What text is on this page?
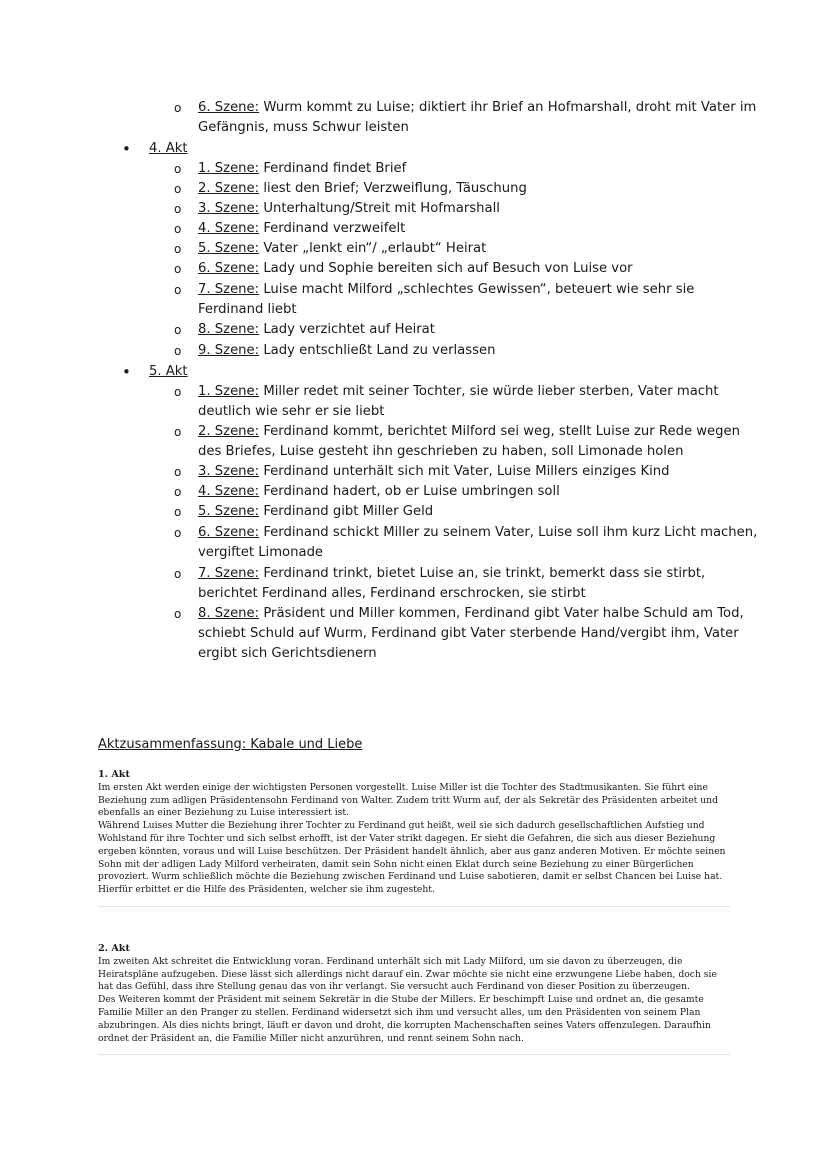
o 6. Szene: Wurm kommt zu Luise; diktiert ihr Brief an Hofmarshall, droht mit Vater im
Gefängnis, muss Schwur leisten
• 4. Akt
o 1. Szene: Ferdinand findet Brief
o 2. Szene: liest den Brief; Verzweiflung, Täuschung
o 3. Szene: Unterhaltung/Streit mit Hofmarshall
o 4. Szene: Ferdinand verzweifelt
o 5. Szene: Vater „lenkt ein“/ „erlaubt“ Heirat
o 6. Szene: Lady und Sophie bereiten sich auf Besuch von Luise vor
o 7. Szene: Luise macht Milford „schlechtes Gewissen“, beteuert wie sehr sie
Ferdinand liebt
o 8. Szene: Lady verzichtet auf Heirat
o 9. Szene: Lady entschließt Land zu verlassen
• 5. Akt
o 1. Szene: Miller redet mit seiner Tochter, sie würde lieber sterben, Vater macht
deutlich wie sehr er sie liebt
o 2. Szene: Ferdinand kommt, berichtet Milford sei weg, stellt Luise zur Rede wegen
des Briefes, Luise gesteht ihn geschrieben zu haben, soll Limonade holen
o 3. Szene: Ferdinand unterhält sich mit Vater, Luise Millers einziges Kind
o 4. Szene: Ferdinand hadert, ob er Luise umbringen soll
o 5. Szene: Ferdinand gibt Miller Geld
o 6. Szene: Ferdinand schickt Miller zu seinem Vater, Luise soll ihm kurz Licht machen,
vergiftet Limonade
o 7. Szene: Ferdinand trinkt, bietet Luise an, sie trinkt, bemerkt dass sie stirbt,
berichtet Ferdinand alles, Ferdinand erschrocken, sie stirbt
o 8. Szene: Präsident und Miller kommen, Ferdinand gibt Vater halbe Schuld am Tod,
schiebt Schuld auf Wurm, Ferdinand gibt Vater sterbende Hand/vergibt ihm, Vater
ergibt sich Gerichtsdienern
Aktzusammenfassung: Kabale und Liebe
1. Akt
Im ersten Akt werden einige der wichtigsten Personen vorgestellt. Luise Miller ist die Tochter des Stadtmusikanten. Sie führt eine
Beziehung zum adligen Präsidentensohn Ferdinand von Walter. Zudem tritt Wurm auf, der als Sekretär des Präsidenten arbeitet und
ebenfalls an einer Beziehung zu Luise interessiert ist.
Während Luises Mutter die Beziehung ihrer Tochter zu Ferdinand gut heißt, weil sie sich dadurch gesellschaftlichen Aufstieg und
Wohlstand für ihre Tochter und sich selbst erhofft, ist der Vater strikt dagegen. Er sieht die Gefahren, die sich aus dieser Beziehung
ergeben könnten, voraus und will Luise beschützen. Der Präsident handelt ähnlich, aber aus ganz anderen Motiven. Er möchte seinen
Sohn mit der adligen Lady Milford verheiraten, damit sein Sohn nicht einen Eklat durch seine Beziehung zu einer Bürgerlichen
provoziert. Wurm schließlich möchte die Beziehung zwischen Ferdinand und Luise sabotieren, damit er selbst Chancen bei Luise hat.
Hierfür erbittet er die Hilfe des Präsidenten, welcher sie ihm zugesteht.
2. Akt
Im zweiten Akt schreitet die Entwicklung voran. Ferdinand unterhält sich mit Lady Milford, um sie davon zu überzeugen, die
Heiratspläne aufzugeben. Diese lässt sich allerdings nicht darauf ein. Zwar möchte sie nicht eine erzwungene Liebe haben, doch sie
hat das Gefühl, dass ihre Stellung genau das von ihr verlangt. Sie versucht auch Ferdinand von dieser Position zu überzeugen.
Des Weiteren kommt der Präsident mit seinem Sekretär in die Stube der Millers. Er beschimpft Luise und ordnet an, die gesamte
Familie Miller an den Pranger zu stellen. Ferdinand widersetzt sich ihm und versucht alles, um den Präsidenten von seinem Plan
abzubringen. Als dies nichts bringt, läuft er davon und droht, die korrupten Machenschaften seines Vaters offenzulegen. Daraufhin
ordnet der Präsident an, die Familie Miller nicht anzurühren, und rennt seinem Sohn nach.
